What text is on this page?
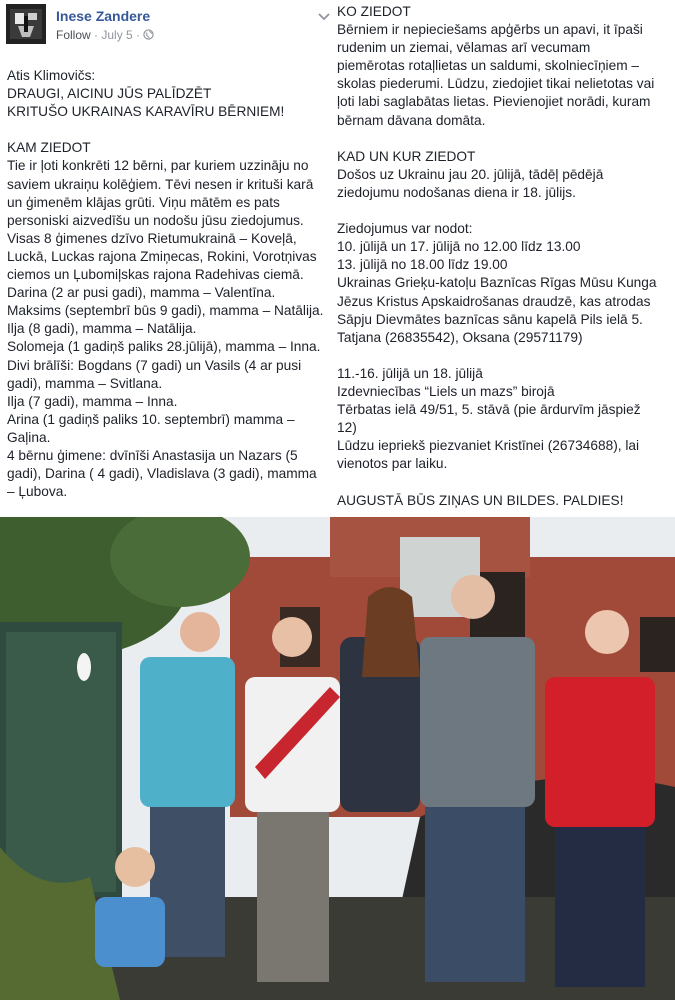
Inese Zandere
Follow · July 5 ·
Atis Klimovičs:
DRAUGI, AICINU JŪS PALĪDZĒT
KRITUŠO UKRAINAS KARAVĪRU BĒRNIEM!
KAM ZIEDOT
Tie ir ļoti konkrēti 12 bērni, par kuriem uzzināju no
saviem ukraiņu kolēģiem. Tēvi nesen ir krituši karā
un ģimenēm klājas grūti. Viņu mātēm es pats
personiski aizvedīšu un nodošu jūsu ziedojumus.
Visas 8 ģimenes dzīvo Rietumukrainā – Koveļā,
Luckā, Luckas rajona Zmiņecas, Rokini, Vorotņivas
ciemos un Ļubomiļskas rajona Radehivas ciemā.
Darina (2 ar pusi gadi), mamma – Valentīna.
Maksims (septembrī būs 9 gadi), mamma – Natālija.
Ilja (8 gadi), mamma – Natālija.
Solomeja (1 gadiņš paliks 28.jūlijā), mamma – Inna.
Divi brālīši: Bogdans (7 gadi) un Vasils (4 ar pusi
gadi), mamma – Svitlana.
Ilja (7 gadi), mamma – Inna.
Arina (1 gadiņš paliks 10. septembrī) mamma –
Gaļina.
4 bērnu ģimene: dvīnīši Anastasija un Nazars (5
gadi), Darina ( 4 gadi), Vladislava (3 gadi), mamma
– Ļubova.
KO ZIEDOT
Bērniem ir nepieciešams apģērbs un apavi, it īpaši
rudenim un ziemai, vēlamas arī vecumam
piemērotas rotaļlietas un saldumi, skolniecīņiem –
skolas piederumi. Lūdzu, ziedojiet tikai nelietotas vai
ļoti labi saglabātas lietas. Pievienojiet norādi, kuram
bērnam dāvana domāta.
KAD UN KUR ZIEDOT
Došos uz Ukrainu jau 20. jūlijā, tādēļ pēdējā
ziedojumu nodošanas diena ir 18. jūlijs.
Ziedojumus var nodot:
10. jūlijā un 17. jūlijā no 12.00 līdz 13.00
13. jūlijā no 18.00 līdz 19.00
Ukrainas Grieķu-katoļu Baznīcas Rīgas Mūsu Kunga
Jēzus Kristus Apskaidrošanas draudzē, kas atrodas
Sāpju Dievmātes baznīcas sānu kapelā Pils ielā 5.
Tatjana (26835542), Oksana (29571179)
11.-16. jūlijā un 18. jūlijā
Izdevniecības “Liels un mazs” birojā
Tērbatas ielā 49/51, 5. stāvā (pie ārdurvīm jāspiež
12)
Lūdzu iepriekš piezvaniet Kristīnei (26734688), lai
vienotos par laiku.
AUGUSTĀ BŪS ZIŅAS UN BILDES. PALDIES!
